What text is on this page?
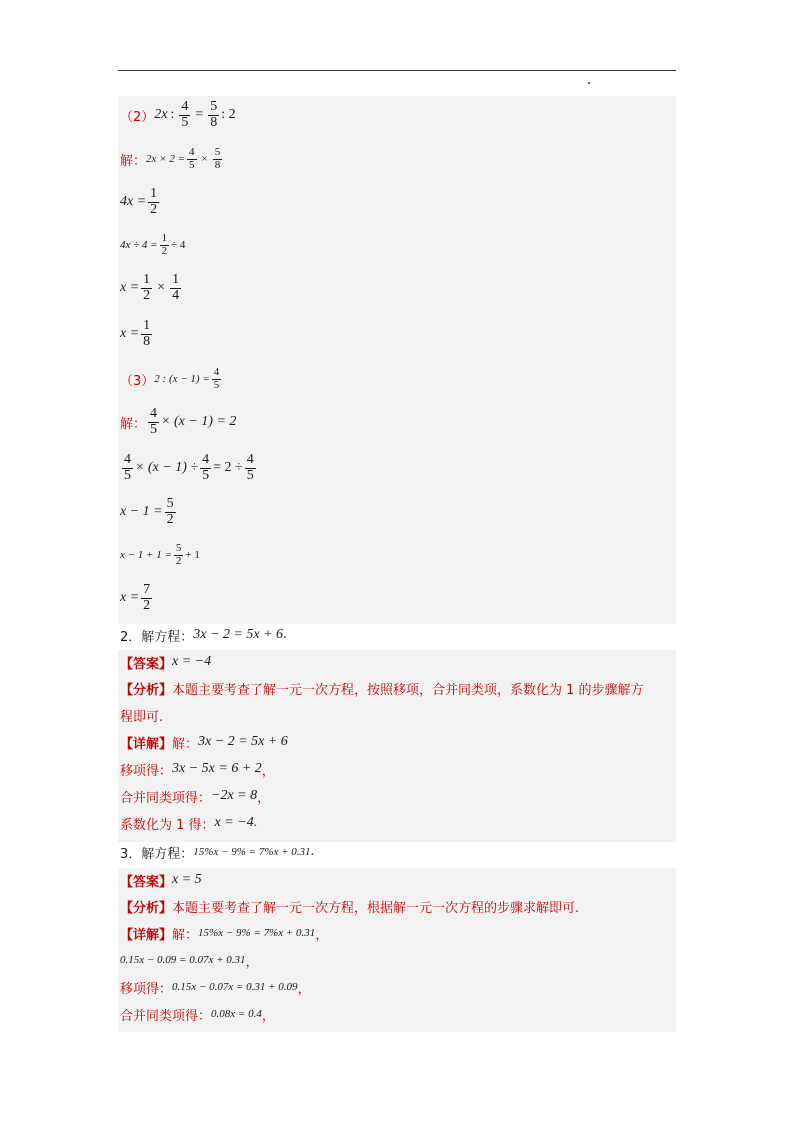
（2） 2x : $\frac{4}{5} = \frac{5}{8}$ : 2
解： $2x \times 2 = \frac{4}{5} \times \frac{5}{8}$
$4x = \frac{1}{2}$
$4x \div 4 = \frac{1}{2} \div 4$
$x = \frac{1}{2} \times \frac{1}{4}$
$x = \frac{1}{8}$
（3） 2 : $(x - 1) = \frac{4}{5}$
解： $\frac{4}{5} \times (x - 1) = 2$
$\frac{4}{5} \times (x - 1) \div \frac{4}{5} = 2 \div \frac{4}{5}$
$x - 1 = \frac{5}{2}$
$x - 1 + 1 = \frac{5}{2} + 1$
$x = \frac{7}{2}$
2．解方程： 3x − 2 = 5x + 6 .
【答案】 x = −4
【分析】 本题主要考查了解一元一次方程，按照移项，合并同类项，系数化为 1 的步骤解方
程即可.
【详解】 解： 3x − 2 = 5x + 6
移项得： 3x − 5x = 6 + 2 ，
合并同类项得： −2x = 8 ，
系数化为 1 得： x = −4 .
3．解方程： 15%x − 9% = 7%x + 0.31 .
【答案】 x = 5
【分析】 本题主要考查了解一元一次方程，根据解一元一次方程的步骤求解即可.
【详解】 解： 15%x − 9% = 7%x + 0.31 ，
0.15x − 0.09 = 0.07x + 0.31 ，
移项得： 0.15x − 0.07x = 0.31 + 0.09 ，
合并同类项得： 0.08x = 0.4 ，
